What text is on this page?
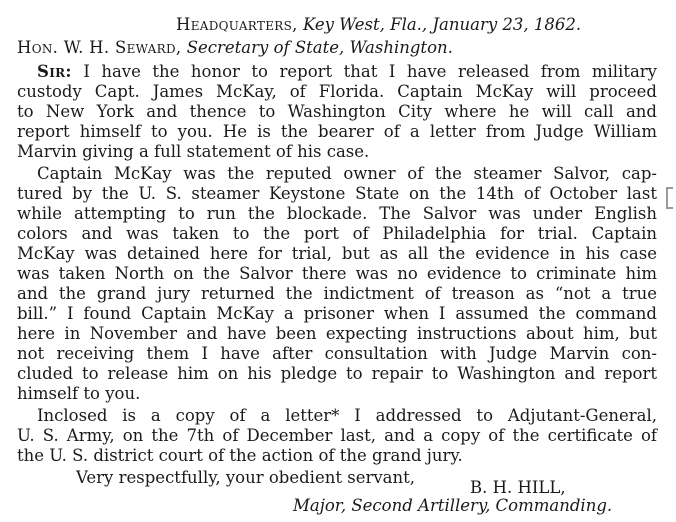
Headquarters, Key West, Fla., January 23, 1862.
Hon. W. H. Seward, Secretary of State, Washington.
Sir: I have the honor to report that I have released from military
custody Capt. James McKay, of Florida. Captain McKay will proceed
to New York and thence to Washington City where he will call and
report himself to you. He is the bearer of a letter from Judge William
Marvin giving a full statement of his case.
Captain McKay was the reputed owner of the steamer Salvor, cap-
tured by the U. S. steamer Keystone State on the 14th of October last
while attempting to run the blockade. The Salvor was under English
colors and was taken to the port of Philadelphia for trial. Captain
McKay was detained here for trial, but as all the evidence in his case
was taken North on the Salvor there was no evidence to criminate him
and the grand jury returned the indictment of treason as “not a true
bill.” I found Captain McKay a prisoner when I assumed the command
here in November and have been expecting instructions about him, but
not receiving them I have after consultation with Judge Marvin con-
cluded to release him on his pledge to repair to Washington and report
himself to you.
Inclosed is a copy of a letter* I addressed to Adjutant-General,
U. S. Army, on the 7th of December last, and a copy of the certificate of
the U. S. district court of the action of the grand jury.
Very respectfully, your obedient servant,
B. H. HILL,
Major, Second Artillery, Commanding.
